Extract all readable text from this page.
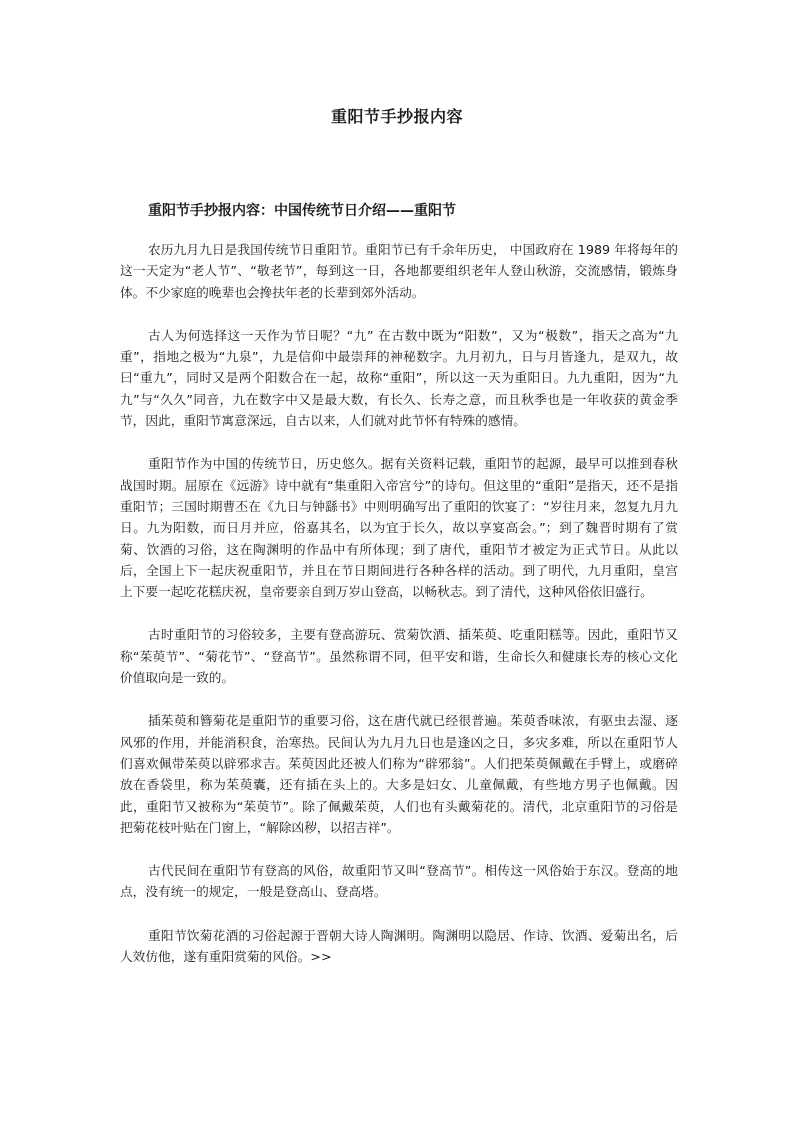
重阳节手抄报内容
重阳节手抄报内容：中国传统节日介绍——重阳节

农历九月九日是我国传统节日重阳节。重阳节已有千余年历史， 中国政府在 1989 年将每年的这一天定为“老人节”、“敬老节”，每到这一日，各地都要组织老年人登山秋游，交流感情，锻炼身体。不少家庭的晚辈也会搀扶年老的长辈到郊外活动。

古人为何选择这一天作为节日呢？“九” 在古数中既为“阳数”，又为“极数”，指天之高为“九重”，指地之极为“九泉”，九是信仰中最崇拜的神秘数字。九月初九，日与月皆逢九，是双九，故曰“重九”，同时又是两个阳数合在一起，故称“重阳”，所以这一天为重阳日。九九重阳，因为“九九”与“久久”同音，九在数字中又是最大数，有长久、长寿之意，而且秋季也是一年收获的黄金季节，因此，重阳节寓意深远，自古以来，人们就对此节怀有特殊的感情。

重阳节作为中国的传统节日，历史悠久。据有关资料记载，重阳节的起源，最早可以推到春秋战国时期。屈原在《远游》诗中就有“集重阳入帝宫兮”的诗句。但这里的“重阳”是指天，还不是指重阳节；三国时期曹丕在《九日与钟繇书》中则明确写出了重阳的饮宴了：“岁往月来，忽复九月九日。九为阳数，而日月并应，俗嘉其名，以为宜于长久，故以享宴高会。”；到了魏晋时期有了赏菊、饮酒的习俗，这在陶渊明的作品中有所体现；到了唐代，重阳节才被定为正式节日。从此以后，全国上下一起庆祝重阳节，并且在节日期间进行各种各样的活动。到了明代，九月重阳，皇宫上下要一起吃花糕庆祝，皇帝要亲自到万岁山登高，以畅秋志。到了清代，这种风俗依旧盛行。

古时重阳节的习俗较多，主要有登高游玩、赏菊饮酒、插茱萸、吃重阳糕等。因此，重阳节又称“茱萸节”、“菊花节”、“登高节”。虽然称谓不同，但平安和谐，生命长久和健康长寿的核心文化价值取向是一致的。

插茱萸和簪菊花是重阳节的重要习俗，这在唐代就已经很普遍。茱萸香味浓，有驱虫去湿、逐风邪的作用，并能消积食，治寒热。民间认为九月九日也是逢凶之日，多灾多难，所以在重阳节人们喜欢佩带茱萸以辟邪求吉。茱萸因此还被人们称为“辟邪翁”。人们把茱萸佩戴在手臂上，或磨碎放在香袋里，称为茱萸囊，还有插在头上的。大多是妇女、儿童佩戴，有些地方男子也佩戴。因此，重阳节又被称为“茱萸节”。除了佩戴茱萸，人们也有头戴菊花的。清代，北京重阳节的习俗是把菊花枝叶贴在门窗上，“解除凶秽，以招吉祥”。

古代民间在重阳节有登高的风俗，故重阳节又叫“登高节”。相传这一风俗始于东汉。登高的地点，没有统一的规定，一般是登高山、登高塔。

重阳节饮菊花酒的习俗起源于晋朝大诗人陶渊明。陶渊明以隐居、作诗、饮酒、爱菊出名，后人效仿他，遂有重阳赏菊的风俗。>>
